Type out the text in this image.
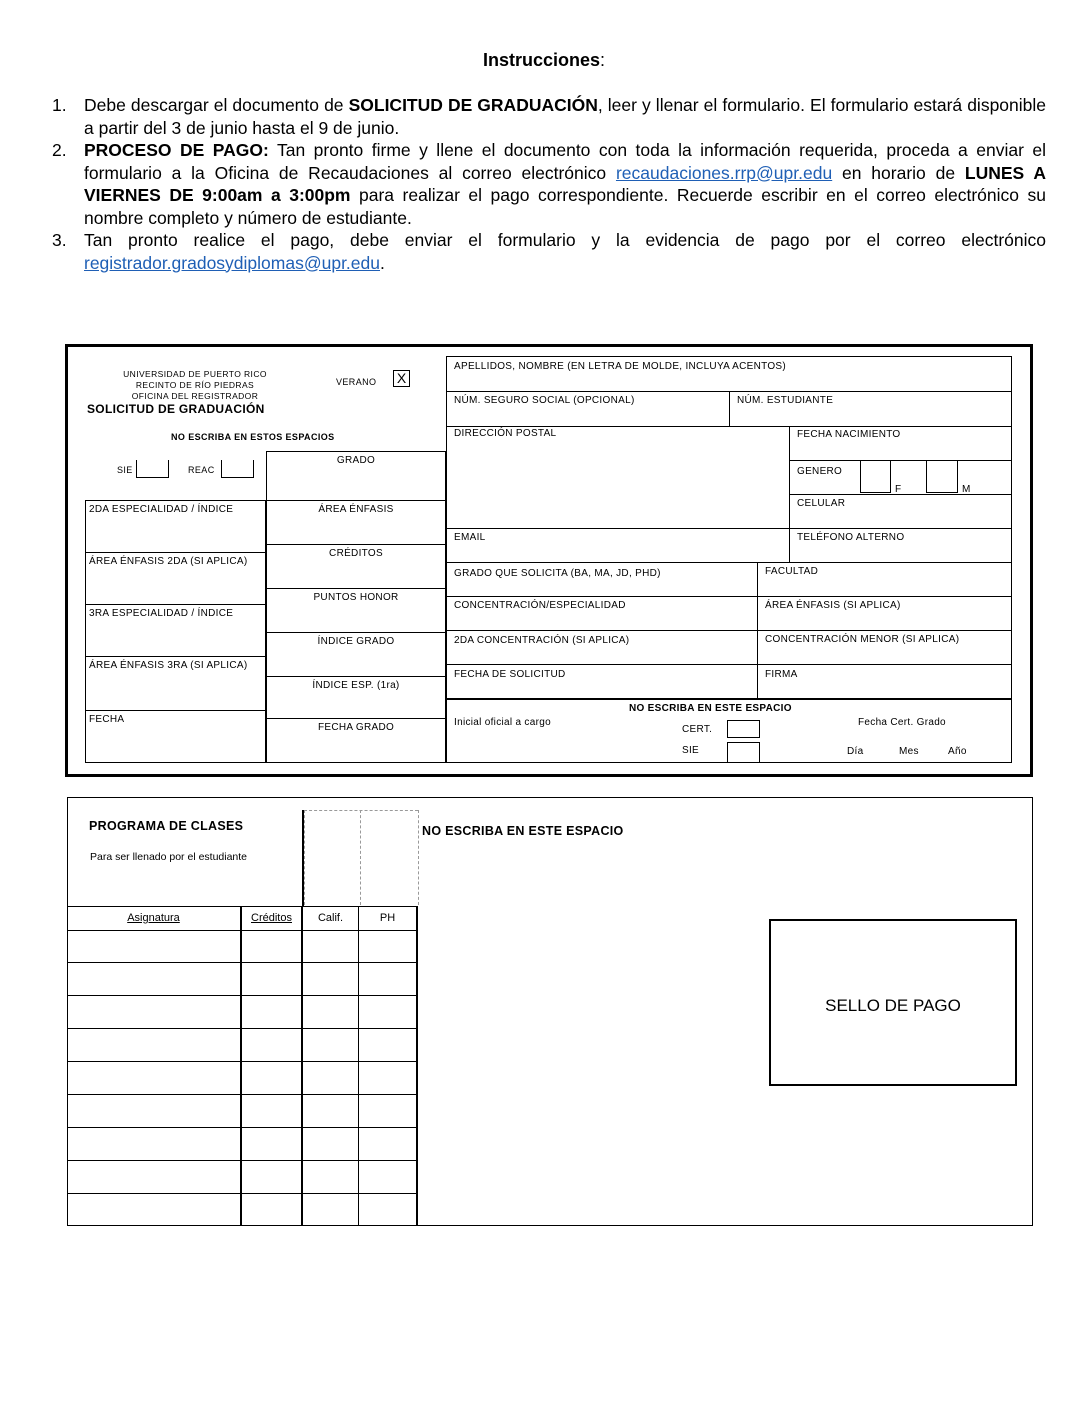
Instrucciones:
1. Debe descargar el documento de SOLICITUD DE GRADUACIÓN, leer y llenar el formulario. El formulario estará disponible a partir del 3 de junio hasta el 9 de junio.
2. PROCESO DE PAGO: Tan pronto firme y llene el documento con toda la información requerida, proceda a enviar el formulario a la Oficina de Recaudaciones al correo electrónico recaudaciones.rrp@upr.edu en horario de LUNES A VIERNES DE 9:00am a 3:00pm para realizar el pago correspondiente. Recuerde escribir en el correo electrónico su nombre completo y número de estudiante.
3. Tan pronto realice el pago, debe enviar el formulario y la evidencia de pago por el correo electrónico registrador.gradosydiplomas@upr.edu.
UNIVERSIDAD DE PUERTO RICO
RECINTO DE RÍO PIEDRAS
OFICINA DEL REGISTRADOR
SOLICITUD DE GRADUACIÓN
VERANO X
NO ESCRIBA EN ESTOS ESPACIOS
SIE	REAC
2DA ESPECIALIDAD / ÍNDICE
ÁREA ÉNFASIS 2DA (SI APLICA)
3RA ESPECIALIDAD / ÍNDICE
ÁREA ÉNFASIS 3RA (SI APLICA)
FECHA
GRADO
ÁREA ÉNFASIS
CRÉDITOS
PUNTOS HONOR
ÍNDICE GRADO
ÍNDICE ESP. (1ra)
FECHA GRADO
APELLIDOS, NOMBRE (EN LETRA DE MOLDE, INCLUYA ACENTOS)
NÚM. SEGURO SOCIAL (OPCIONAL)	NÚM. ESTUDIANTE
DIRECCIÓN POSTAL	FECHA NACIMIENTO
GENERO
F	M
CELULAR
EMAIL	TELÉFONO ALTERNO
GRADO QUE SOLICITA (BA, MA, JD, PHD)	FACULTAD
CONCENTRACIÓN/ESPECIALIDAD	ÁREA ÉNFASIS (SI APLICA)
2DA CONCENTRACIÓN (SI APLICA)	CONCENTRACIÓN MENOR (SI APLICA)
FECHA DE SOLICITUD	FIRMA
NO ESCRIBA EN ESTE ESPACIO
Inicial oficial a cargo
CERT.
SIE
Fecha Cert. Grado
Día	Mes	Año
PROGRAMA DE CLASES
Para ser llenado por el estudiante
NO ESCRIBA EN ESTE ESPACIO
Asignatura	Créditos	Calif.	PH
SELLO DE PAGO
